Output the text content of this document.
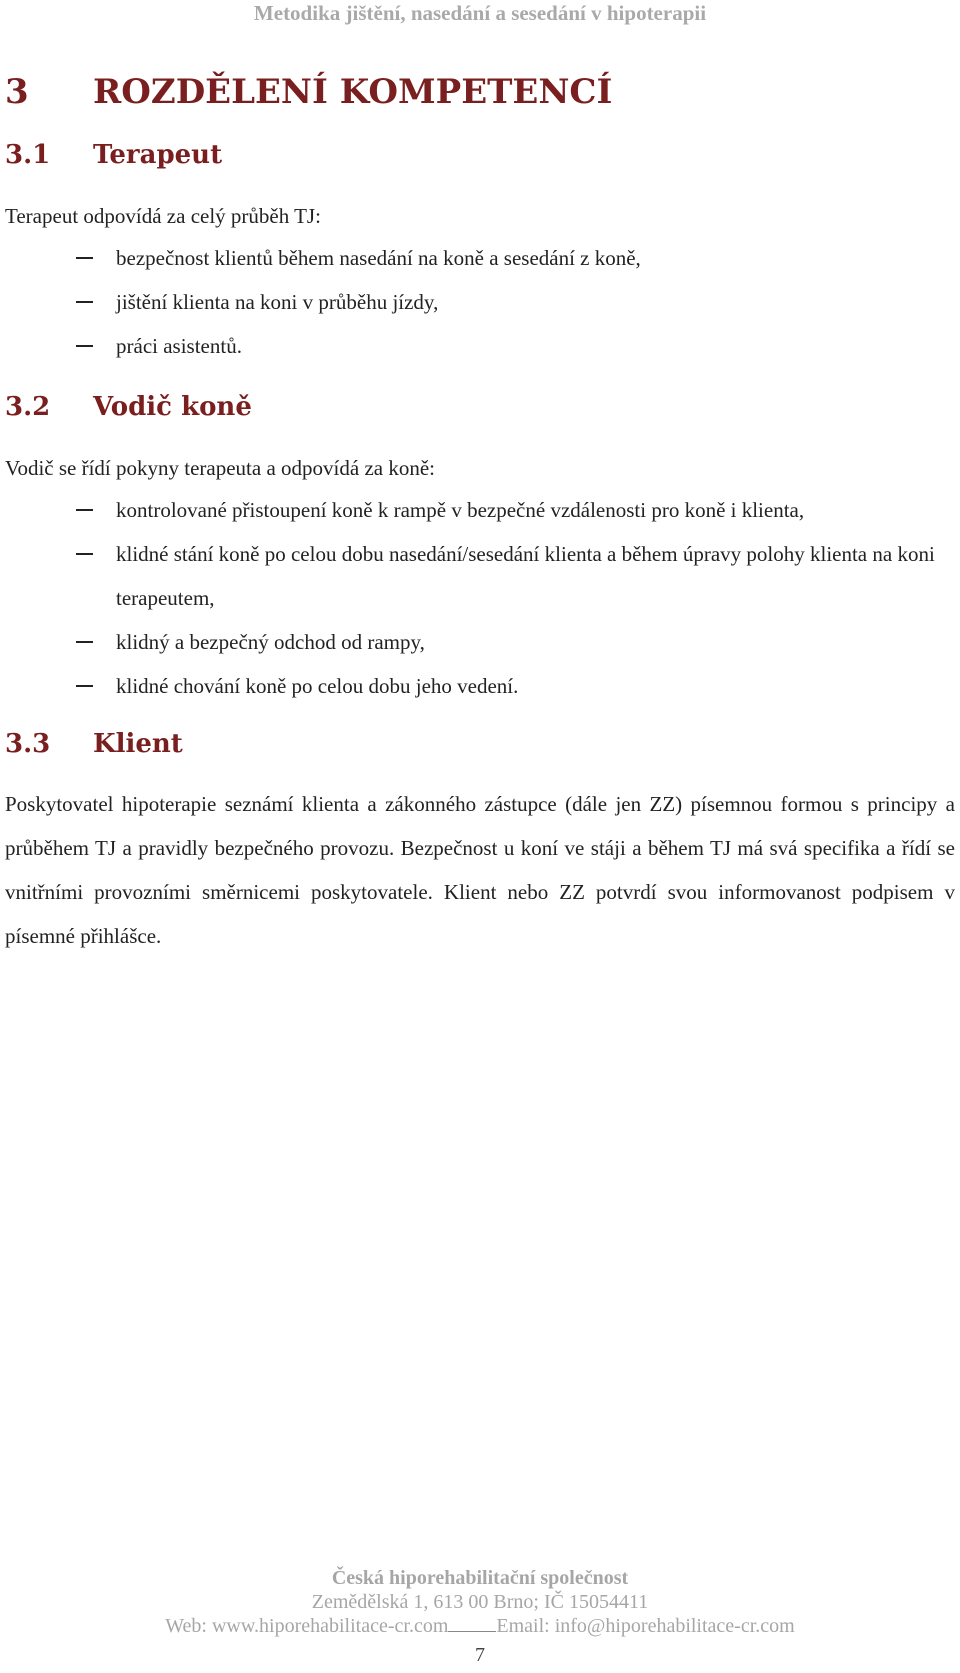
Metodika jištění, nasedání a sesedání v hipoterapii
3 ROZDĚLENÍ KOMPETENCÍ
3.1 Terapeut
Terapeut odpovídá za celý průběh TJ:
bezpečnost klientů během nasedání na koně a sesedání z koně,
jištění klienta na koni v průběhu jízdy,
práci asistentů.
3.2 Vodič koně
Vodič se řídí pokyny terapeuta a odpovídá za koně:
kontrolované přistoupení koně k rampě v bezpečné vzdálenosti pro koně i klienta,
klidné stání koně po celou dobu nasedání/sesedání klienta a během úpravy polohy klienta na koni terapeutem,
klidný a bezpečný odchod od rampy,
klidné chování koně po celou dobu jeho vedení.
3.3 Klient
Poskytovatel hipoterapie seznámí klienta a zákonného zástupce (dále jen ZZ) písemnou formou s principy a průběhem TJ a pravidly bezpečného provozu. Bezpečnost u koní ve stáji a během TJ má svá specifika a řídí se vnitřními provozními směrnicemi poskytovatele. Klient nebo ZZ potvrdí svou informovanost podpisem v písemné přihlášce.
Česká hiporehabilitační společnost
Zemědělská 1, 613 00 Brno; IČ 15054411
Web: www.hiporehabilitace-cr.com Email: info@hiporehabilitace-cr.com
7
